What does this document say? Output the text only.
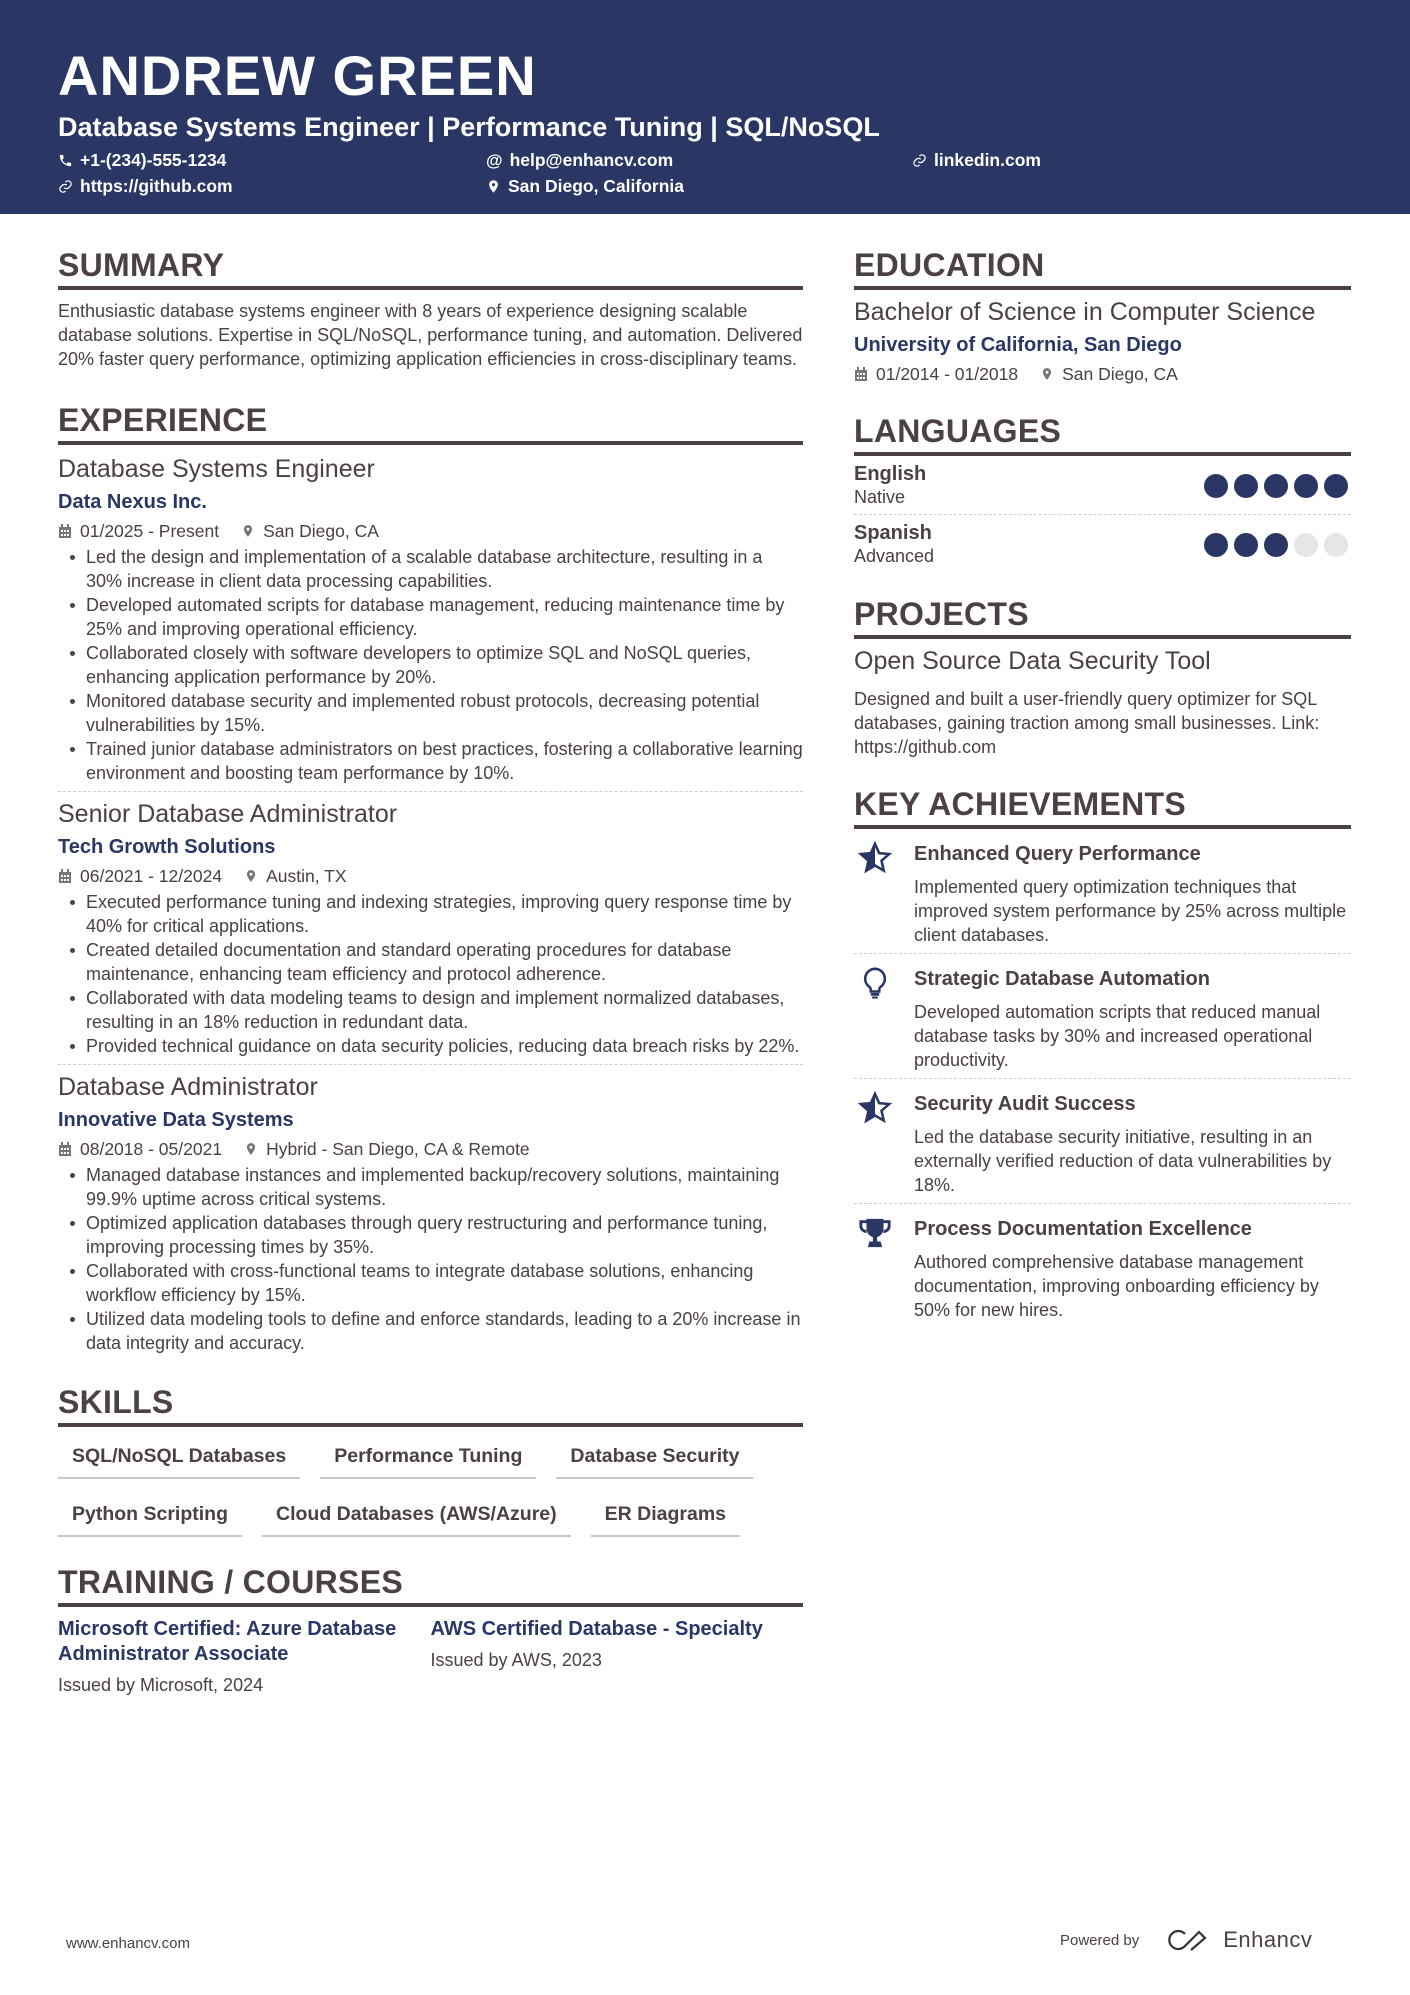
ANDREW GREEN
Database Systems Engineer | Performance Tuning | SQL/NoSQL
+1-(234)-555-1234	@ help@enhancv.com	linkedin.com
https://github.com	San Diego, California
SUMMARY

Enthusiastic database systems engineer with 8 years of experience designing scalable database solutions. Expertise in SQL/NoSQL, performance tuning, and automation. Delivered 20% faster query performance, optimizing application efficiencies in cross-disciplinary teams.

EXPERIENCE
Database Systems Engineer
Data Nexus Inc.
01/2025 - Present	San Diego, CA
Led the design and implementation of a scalable database architecture, resulting in a 30% increase in client data processing capabilities.
Developed automated scripts for database management, reducing maintenance time by 25% and improving operational efficiency.
Collaborated closely with software developers to optimize SQL and NoSQL queries, enhancing application performance by 20%.
Monitored database security and implemented robust protocols, decreasing potential vulnerabilities by 15%.
Trained junior database administrators on best practices, fostering a collaborative learning environment and boosting team performance by 10%.
Senior Database Administrator
Tech Growth Solutions
06/2021 - 12/2024	Austin, TX
Executed performance tuning and indexing strategies, improving query response time by 40% for critical applications.
Created detailed documentation and standard operating procedures for database maintenance, enhancing team efficiency and protocol adherence.
Collaborated with data modeling teams to design and implement normalized databases, resulting in an 18% reduction in redundant data.
Provided technical guidance on data security policies, reducing data breach risks by 22%.
Database Administrator
Innovative Data Systems
08/2018 - 05/2021	Hybrid - San Diego, CA & Remote
Managed database instances and implemented backup/recovery solutions, maintaining 99.9% uptime across critical systems.
Optimized application databases through query restructuring and performance tuning, improving processing times by 35%.
Collaborated with cross-functional teams to integrate database solutions, enhancing workflow efficiency by 15%.
Utilized data modeling tools to define and enforce standards, leading to a 20% increase in data integrity and accuracy.
SKILLS
SQL/NoSQL Databases	Performance Tuning	Database Security
Python Scripting	Cloud Databases (AWS/Azure)	ER Diagrams
TRAINING / COURSES
Microsoft Certified: Azure Database Administrator Associate
Issued by Microsoft, 2024
AWS Certified Database - Specialty
Issued by AWS, 2023
EDUCATION
Bachelor of Science in Computer Science
University of California, San Diego
01/2014 - 01/2018	San Diego, CA
LANGUAGES
English
Native
Spanish
Advanced
PROJECTS
Open Source Data Security Tool
Designed and built a user-friendly query optimizer for SQL databases, gaining traction among small businesses. Link: https://github.com
KEY ACHIEVEMENTS
Enhanced Query Performance
Implemented query optimization techniques that improved system performance by 25% across multiple client databases.
Strategic Database Automation
Developed automation scripts that reduced manual database tasks by 30% and increased operational productivity.
Security Audit Success
Led the database security initiative, resulting in an externally verified reduction of data vulnerabilities by 18%.
Process Documentation Excellence
Authored comprehensive database management documentation, improving onboarding efficiency by 50% for new hires.
www.enhancv.com	Powered by	Enhancv
